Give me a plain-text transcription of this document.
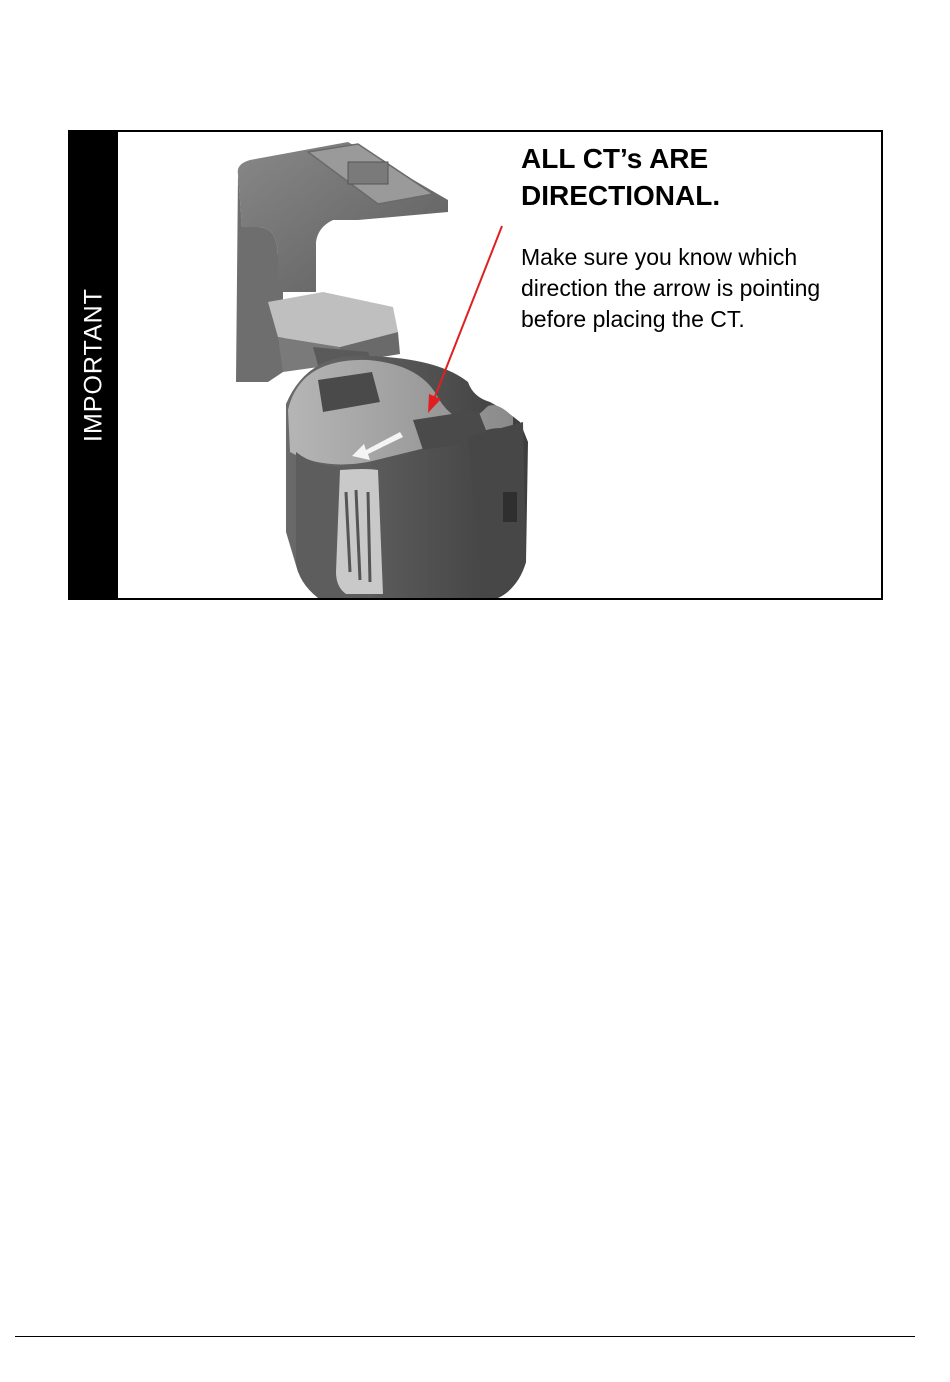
IMPORTANT
ALL CT’s ARE
DIRECTIONAL.

Make sure you know which direction the arrow is pointing before placing the CT.
